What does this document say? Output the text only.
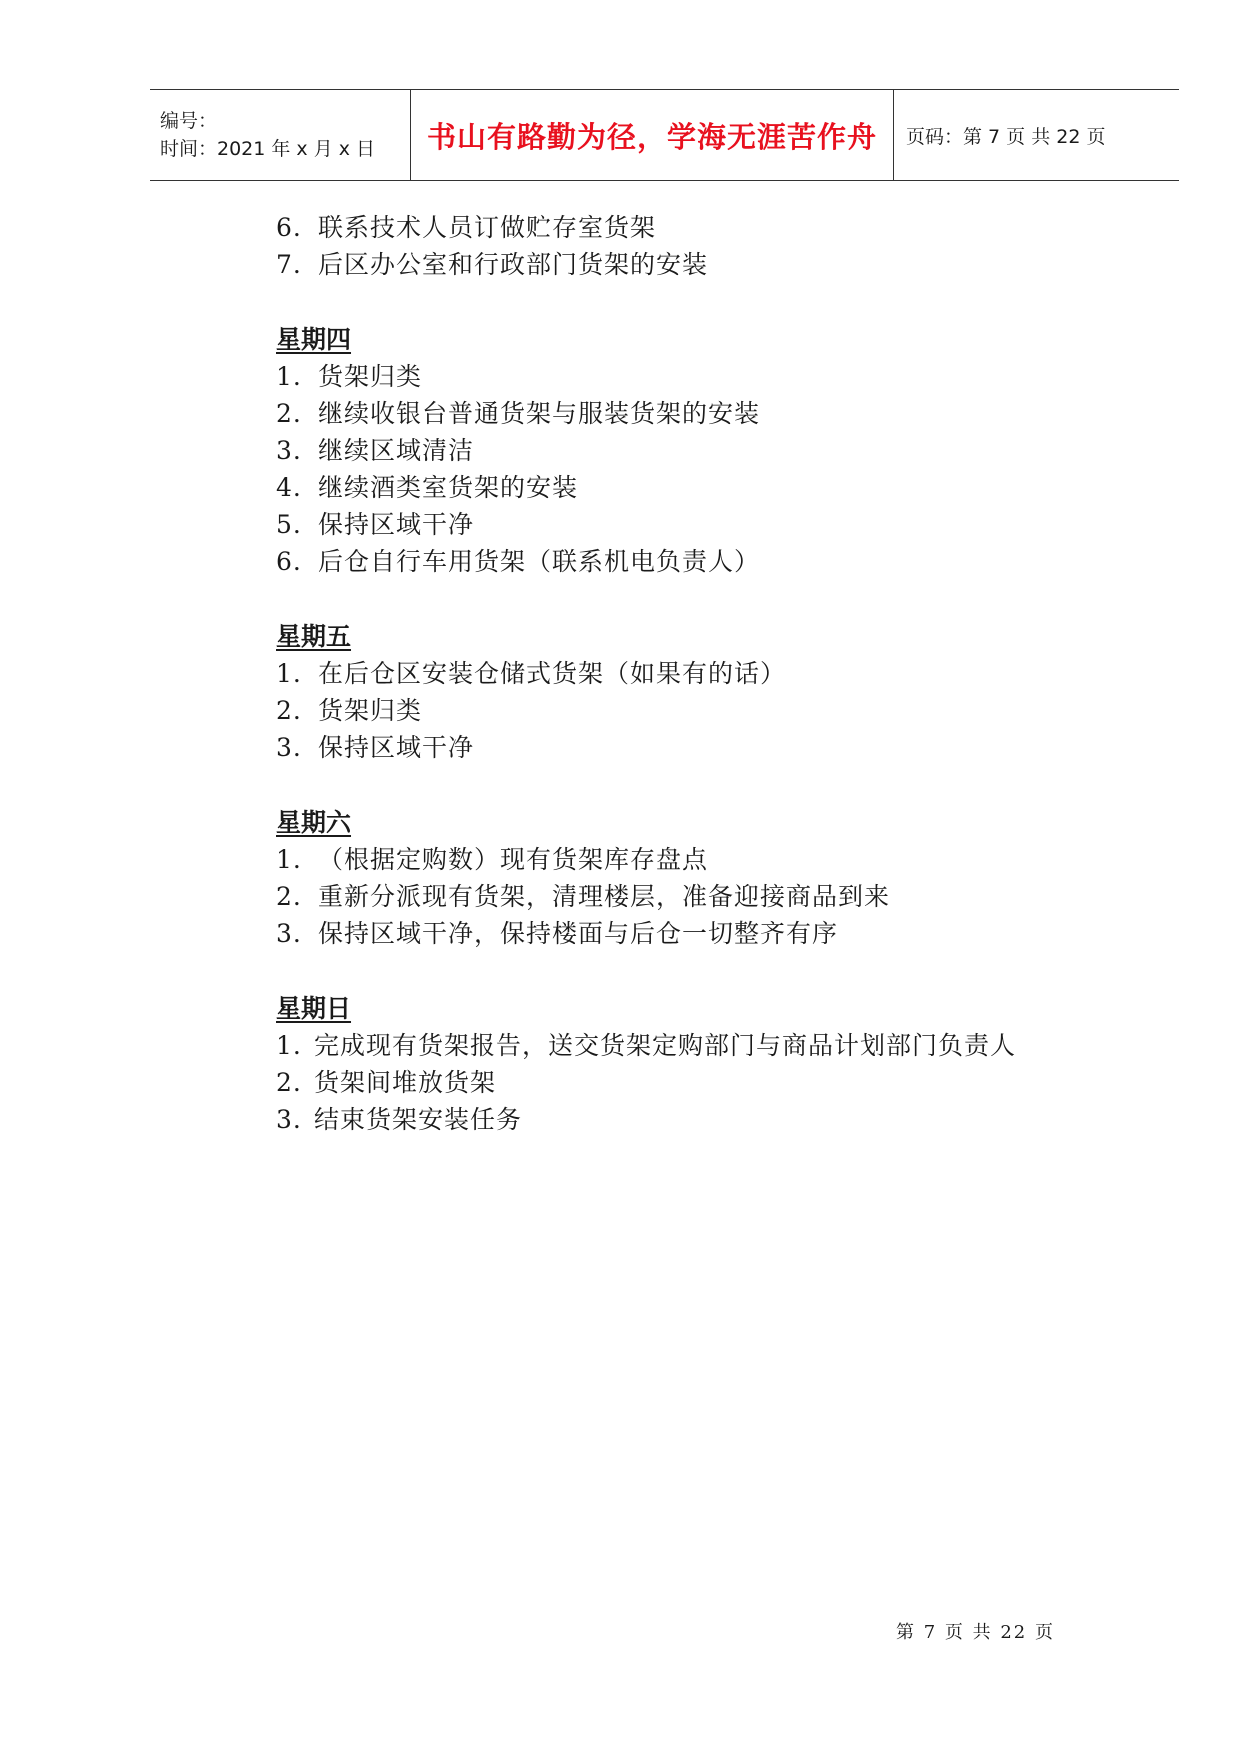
编号：
时间：2021 年 x 月 x 日	书山有路勤为径，学海无涯苦作舟 页码：第 7 页 共 22 页
6. 联系技术人员订做贮存室货架
7. 后区办公室和行政部门货架的安装
星期四
1. 货架归类
2. 继续收银台普通货架与服装货架的安装
3. 继续区域清洁
4. 继续酒类室货架的安装
5. 保持区域干净
6. 后仓自行车用货架（联系机电负责人）
星期五
1. 在后仓区安装仓储式货架（如果有的话）
2. 货架归类
3. 保持区域干净
星期六
1. （根据定购数）现有货架库存盘点
2. 重新分派现有货架，清理楼层，准备迎接商品到来
3. 保持区域干净，保持楼面与后仓一切整齐有序
星期日
1. 完成现有货架报告，送交货架定购部门与商品计划部门负责人
2. 货架间堆放货架
3. 结束货架安装任务
第 7 页 共 22 页
